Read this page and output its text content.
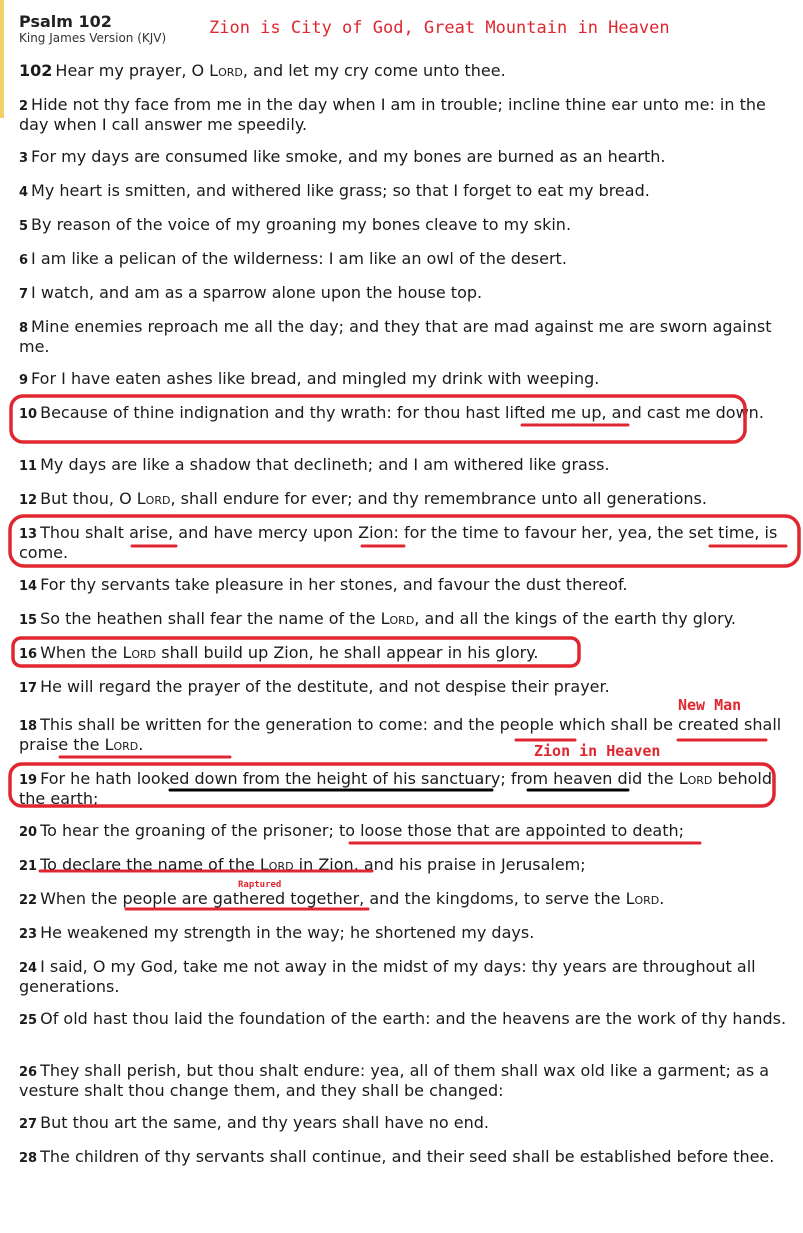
Psalm 102
King James Version (KJV)	Zion is City of God, Great Mountain in Heaven
102 Hear my prayer, O Lord, and let my cry come unto thee.
2 Hide not thy face from me in the day when I am in trouble; incline thine ear unto me: in the day when I call answer me speedily.
3 For my days are consumed like smoke, and my bones are burned as an hearth.
4 My heart is smitten, and withered like grass; so that I forget to eat my bread.
5 By reason of the voice of my groaning my bones cleave to my skin.
6 I am like a pelican of the wilderness: I am like an owl of the desert.
7 I watch, and am as a sparrow alone upon the house top.
8 Mine enemies reproach me all the day; and they that are mad against me are sworn against me.
9 For I have eaten ashes like bread, and mingled my drink with weeping.
10 Because of thine indignation and thy wrath: for thou hast lifted me up, and cast me down.
11 My days are like a shadow that declineth; and I am withered like grass.
12 But thou, O Lord, shall endure for ever; and thy remembrance unto all generations.
13 Thou shalt arise, and have mercy upon Zion: for the time to favour her, yea, the set time, is come.
14 For thy servants take pleasure in her stones, and favour the dust thereof.
15 So the heathen shall fear the name of the Lord, and all the kings of the earth thy glory.
16 When the Lord shall build up Zion, he shall appear in his glory.
17 He will regard the prayer of the destitute, and not despise their prayer.
18 This shall be written for the generation to come: and the people which shall be created shall praise the Lord.
19 For he hath looked down from the height of his sanctuary; from heaven did the Lord behold the earth;
20 To hear the groaning of the prisoner; to loose those that are appointed to death;
21 To declare the name of the Lord in Zion, and his praise in Jerusalem;
22 When the people are gathered together, and the kingdoms, to serve the Lord.
23 He weakened my strength in the way; he shortened my days.
24 I said, O my God, take me not away in the midst of my days: thy years are throughout all generations.
25 Of old hast thou laid the foundation of the earth: and the heavens are the work of thy hands.
26 They shall perish, but thou shalt endure: yea, all of them shall wax old like a garment; as a vesture shalt thou change them, and they shall be changed:
27 But thou art the same, and thy years shall have no end.
28 The children of thy servants shall continue, and their seed shall be established before thee.
New Man
Zion in Heaven
Raptured
